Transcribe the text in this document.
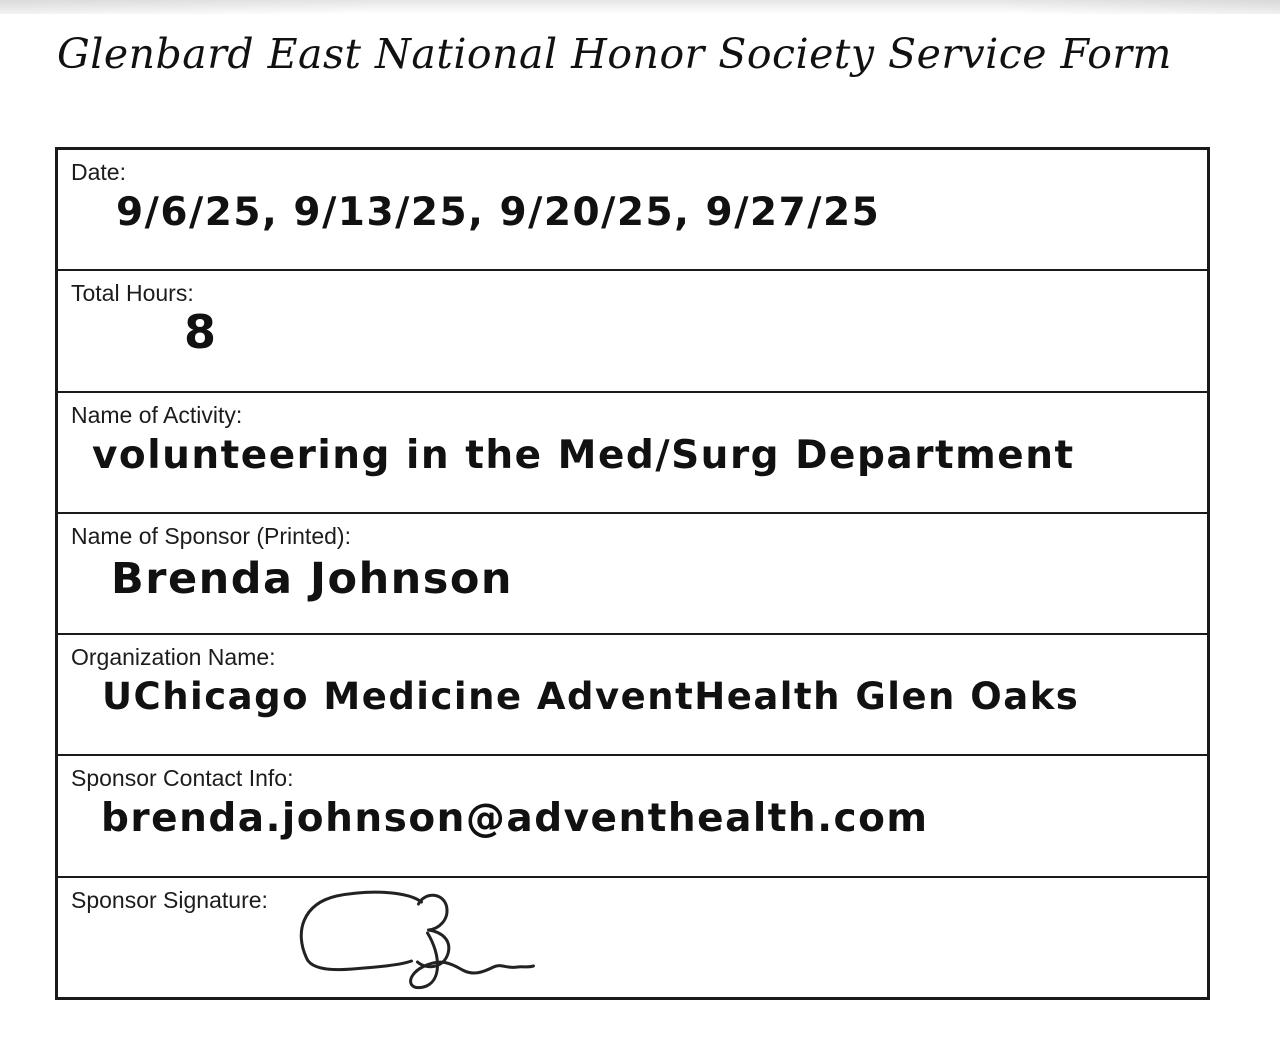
Glenbard East National Honor Society Service Form
Date:
9/6/25, 9/13/25, 9/20/25, 9/27/25
Total Hours:
8
Name of Activity:
volunteering in the Med/Surg Department
Name of Sponsor (Printed):
Brenda Johnson
Organization Name:
UChicago Medicine AdventHealth Glen Oaks
Sponsor Contact Info:
brenda.johnson@adventhealth.com
Sponsor Signature:
